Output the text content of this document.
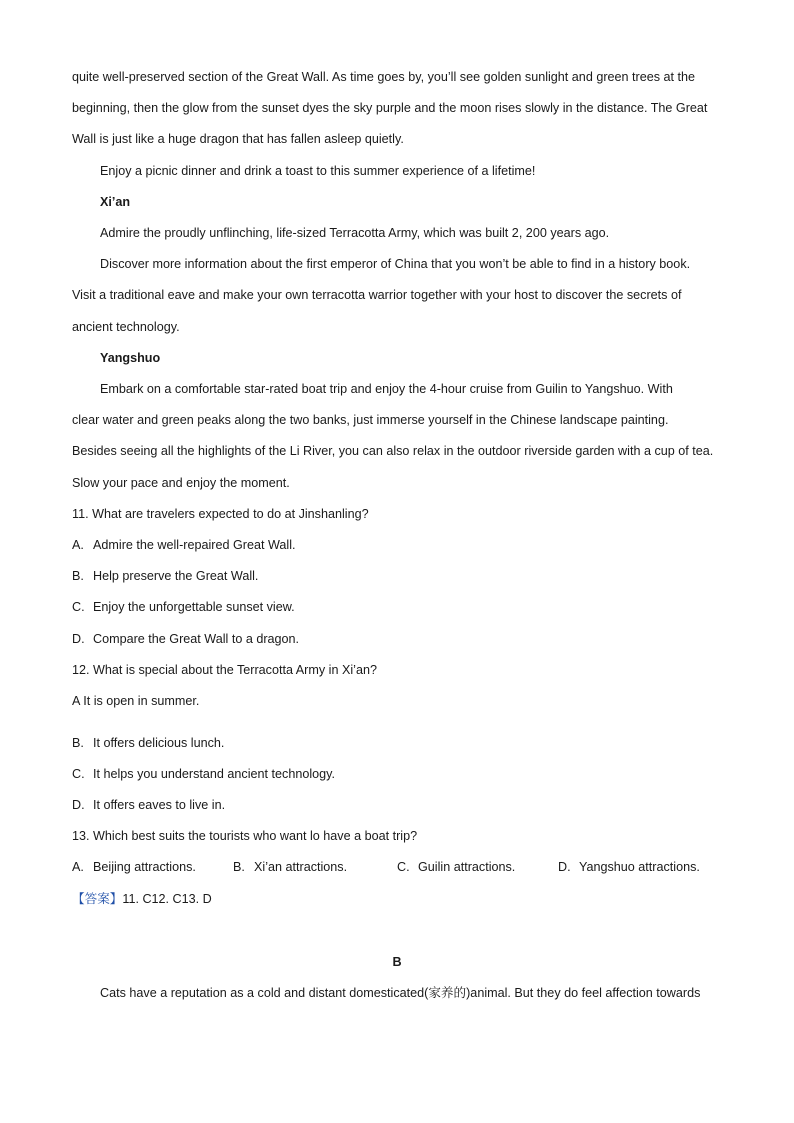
quite well-preserved section of the Great Wall. As time goes by, you’ll see golden sunlight and green trees at the
beginning, then the glow from the sunset dyes the sky purple and the moon rises slowly in the distance. The Great
Wall is just like a huge dragon that has fallen asleep quietly.
Enjoy a picnic dinner and drink a toast to this summer experience of a lifetime!
Xi’an
Admire the proudly unflinching, life-sized Terracotta Army, which was built 2, 200 years ago.
Discover more information about the first emperor of China that you won’t be able to find in a history book.
Visit a traditional eave and make your own terracotta warrior together with your host to discover the secrets of
ancient technology.
Yangshuo
Embark on a comfortable star-rated boat trip and enjoy the 4-hour cruise from Guilin to Yangshuo. With
clear water and green peaks along the two banks, just immerse yourself in the Chinese landscape painting.
Besides seeing all the highlights of the Li River, you can also relax in the outdoor riverside garden with a cup of tea.
Slow your pace and enjoy the moment.
11. What are travelers expected to do at Jinshanling?
A. Admire the well-repaired Great Wall.
B. Help preserve the Great Wall.
C. Enjoy the unforgettable sunset view.
D. Compare the Great Wall to a dragon.
12. What is special about the Terracotta Army in Xi’an?
A It is open in summer.
B. It offers delicious lunch.
C. It helps you understand ancient technology.
D. It offers eaves to live in.
13. Which best suits the tourists who want lo have a boat trip?
A. Beijing attractions.	B. Xi’an attractions.	C. Guilin attractions.	D. Yangshuo attractions.
【答案】11. C12. C13. D
B
Cats have a reputation as a cold and distant domesticated(家养的)animal. But they do feel affection towards
